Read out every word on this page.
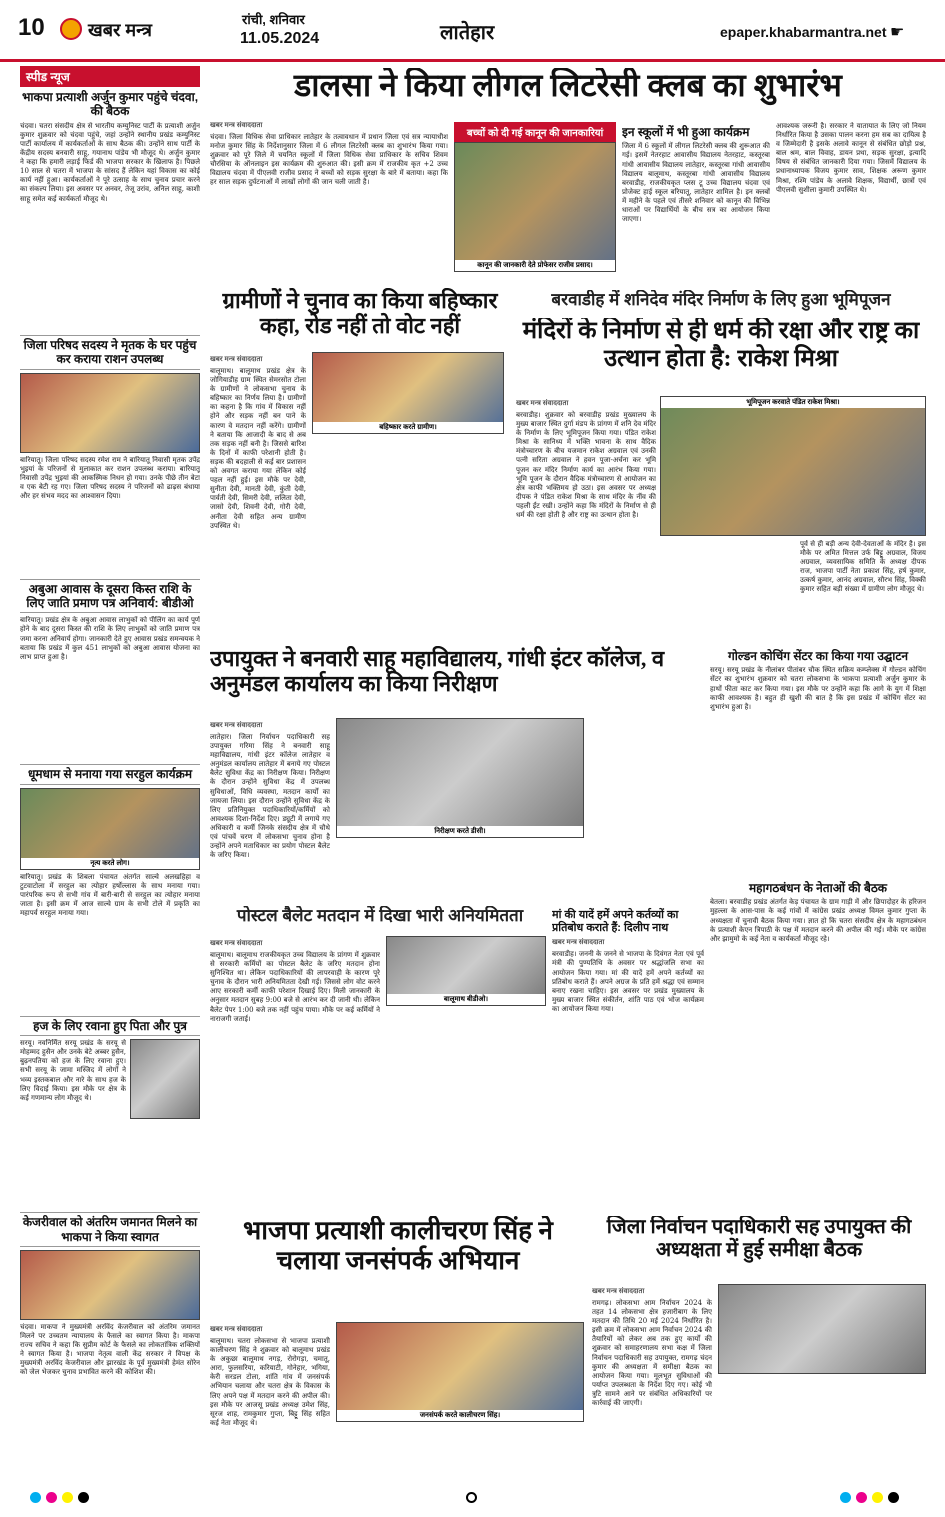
10 खबर मन्त्र
रांची, शनिवार
11.05.2024	लातेहार	epaper.khabarmantra.net ☛
स्पीड न्यूज
भाकपा प्रत्याशी अर्जुन कुमार पहुंचे चंदवा, की बैठक
चंदवा। चतरा संसदीय क्षेत्र से भारतीय कम्युनिस्ट पार्टी के प्रत्याशी अर्जुन कुमार शुक्रवार को चंदवा पहुंचे, जहां उन्होंने स्थानीय प्रखंड कम्युनिस्ट पार्टी कार्यालय में कार्यकर्ताओं के साथ बैठक की। उन्होंने साथ पार्टी के केंद्रीय सदस्य बनवारी साहू, गयानाथ पांडेय भी मौजूद थे। अर्जुन कुमार ने कहा कि हमारी लड़ाई फिर्ड की भाजपा सरकार के खिलाफ है। पिछले 10 साल से चतरा में भाजपा के सांसद हैं लेकिन यहां विकास का कोई कार्य नहीं हुआ। कार्यकर्ताओं ने पूरे उत्साह के साथ चुनाव प्रचार करने का संकल्प लिया। इस अवसर पर अनवर, तेजू उरांव, अनिल साहू, काशी साहू समेत कई कार्यकर्ता मौजूद थे।
जिला परिषद सदस्य ने मृतक के घर पहुंच कर कराया राशन उपलब्ध
बारियातू। जिला परिषद सदस्य रमेश राम ने बारियातू निवासी मृतक उपेंद्र भुइयां के परिजनों से मुलाकात कर राशन उपलब्ध कराया। बारियातू निवासी उपेंद्र भुइयां की आकस्मिक निधन हो गया। उनके पीछे तीन बेटा व एक बेटी रह गए। जिला परिषद सदस्य ने परिजनों को ढाढ़स बंधाया और हर संभव मदद का आश्वासन दिया।
अबुआ आवास के दूसरा किस्त राशि के लिए जाति प्रमाण पत्र अनिवार्य: बीडीओ
बारियातू। प्रखंड क्षेत्र के अबुआ आवास लाभुकों को पीलिंग का कार्य पूर्ण होने के बाद दूसरा किस्त की राशि के लिए लाभुकों को जाति प्रमाण पत्र जमा करना अनिवार्य होगा। जानकारी देते हुए आवास प्रखंड समन्वयक ने बताया कि प्रखंड में कुल 451 लाभुकों को अबुआ आवास योजना का लाभ प्राप्त हुआ है।
धूमधाम से मनाया गया सरहुल कार्यक्रम
नृत्य करते लोग।
बारियातू। प्रखंड के शिबला पंचायत अंतर्गत साल्वे अलखहिहा व टुटवाटोला में सरहुल का त्योहार हर्षोल्लास के साथ मनाया गया। पारंपरिक रूप से सभी गांव में बारी-बारी से सरहुल का त्योहार मनाया जाता है। इसी क्रम में आज साल्वे ग्राम के सभी टोले में प्रकृति का महापर्व सरहुल मनाया गया।
हज के लिए रवाना हुए पिता और पुत्र
सरयू। नवनिर्मित सरयू प्रखंड के सरयू से मोहम्मद हुसैन और उनके बेटे अब्बर हुसैन, बुढ़नपतिया को हज के लिए रवाना हुए। सभी सरयू के जामा मस्जिद में लोगों ने भव्य इस्तकबाल और नारे के साथ हज के लिए विदाई किया। इस मौके पर क्षेत्र के कई गणमान्य लोग मौजूद थे।
केजरीवाल को अंतरिम जमानत मिलने का भाकपा ने किया स्वागत
चंदवा। माकपा ने मुख्यमंत्री अरविंद केजरीवाल को अंतरिम जमानत मिलने पर उच्चतम न्यायालय के फैसले का स्वागत किया है। माकपा राज्य सचिव ने कहा कि सुप्रीम कोर्ट के फैसले का लोकतांत्रिक शक्तियों ने स्वागत किया है। भाजपा नेतृत्व वाली केंद्र सरकार ने विपक्ष के मुख्यमंत्री अरविंद केजरीवाल और झारखंड के पूर्व मुख्यमंत्री हेमंत सोरेन को जेल भेजकर चुनाव प्रभावित करने की कोशिश की।
डालसा ने किया लीगल लिटरेसी क्लब का शुभारंभ
खबर मन्त्र संवाददाता
चंदवा। जिला विधिक सेवा प्राधिकार लातेहार के तत्वावधान में प्रधान जिला एवं सत्र न्यायाधीश मनोज कुमार सिंह के निर्देशानुसार जिला में 6 लीगल लिटरेसी क्लब का शुभारंभ किया गया। शुक्रवार को पूरे जिले में चयनित स्कूलों में जिला विधिक सेवा प्राधिकार के सचिव शिवम चौरसिया के ऑनलाइन इस कार्यक्रम की शुरुआत की। इसी क्रम में राजकीय कृत +2 उच्च विद्यालय चंदवा में पीएलवी राजीव प्रसाद ने बच्चों को सड़क सुरक्षा के बारे में बताया। कहा कि हर साल सड़क दुर्घटनाओं में लाखों लोगों की जान चली जाती है।
बच्चों को दी गई कानून की जानकारियां
कानून की जानकारी देते प्रोफेसर राजीव प्रसाद।
इन स्कूलों में भी हुआ कार्यक्रम
जिला में 6 स्कूलों में लीगल लिटरेसी क्लब की शुरूआत की गई। इसमें नेतरहाट आवासीय विद्यालय नेतरहाट, कस्तूरबा गांधी आवासीय विद्यालय लातेहार, कस्तूरबा गांधी आवासीय विद्यालय बालूमाथ, कस्तूरबा गांधी आवासीय विद्यालय बरवाडीह, राजकीयकृत प्लस टू उच्च विद्यालय चंदवा एवं प्रोजेक्ट हाई स्कूल बरियातू, लातेहार शामिल है। इन क्लबों में महीने के पहले एवं तीसरे शनिवार को कानून की विभिन्न धाराओं पर विद्यार्थियों के बीच सत्र का आयोजन किया जाएगा।
आवश्यक जरूरी है। सरकार ने यातायात के लिए जो नियम निर्धारित किया है उसका पालन करना हम सब का दायित्व है व जिम्मेदारी है इसके अलावे कानून से संबंधित छोड़ो प्रश्न, बाल श्रम, बाल विवाह, डायन प्रथा, सड़क सुरक्षा, इत्यादि विषय से संबंधित जानकारी दिया गया। जिसमें विद्यालय के प्रधानाध्यापक विजय कुमार साव, शिक्षक अरूण कुमार मिश्रा, रश्मि पांडेय के अलावे शिक्षक, विद्यार्थी, छात्रों एवं पीएलवी सुशीला कुमारी उपस्थित थे।
ग्रामीणों ने चुनाव का किया बहिष्कार कहा, रोड नहीं तो वोट नहीं
खबर मन्त्र संवाददाता
बालूमाथ। बालूमाथ प्रखंड क्षेत्र के जोगियाडीह ग्राम स्थित सेमरसोत टोला के ग्रामीणों ने लोकसभा चुनाव के बहिष्कार का निर्णय लिया है। ग्रामीणों का कहना है कि गांव में विकास नहीं होने और सड़क नहीं बन पाने के कारण वे मतदान नहीं करेंगे। ग्रामीणों ने बताया कि आजादी के बाद से अब तक सड़क नहीं बनी है। जिससे बारिश के दिनों में काफी परेशानी होती है। सड़क की बदहाली से कई बार प्रशासन को अवगत कराया गया लेकिन कोई पहल नहीं हुई। इस मौके पर देवी, सुनीता देवी, मानती देवी, कुंती देवी, पार्वती देवी, सिमरी देवी, ललिता देवी, जासो देवी, शिवनी देवी, गोरी देवी, अनीता देवी सहित अन्य ग्रामीण उपस्थित थे।
बहिष्कार करते ग्रामीण।
बरवाडीह में शनिदेव मंदिर निर्माण के लिए हुआ भूमिपूजन
मंदिरों के निर्माण से ही धर्म की रक्षा और राष्ट्र का उत्थान होता है: राकेश मिश्रा
खबर मन्त्र संवाददाता
बरवाडीह। शुक्रवार को बरवाडीह प्रखंड मुख्यालय के मुख्य बाजार स्थित दुर्गा मंडप के प्रांगण में शनि देव मंदिर के निर्माण के लिए भूमिपूजन किया गया। पंडित राकेश मिश्रा के सानिध्य में भक्ति भावना के साथ वैदिक मंत्रोच्चारण के बीच यजमान राकेश अग्रवाल एवं उनकी पत्नी सरिता अग्रवाल ने हवन पूजा-अर्चना कर भूमि पूजन कर मंदिर निर्माण कार्य का आरंभ किया गया। भूमि पूजन के दौरान वैदिक मंत्रोच्चारण से आयोजन का क्षेत्र काफी भक्तिमय हो उठा। इस अवसर पर अध्यक्ष दीपक ने पंडित राकेश मिश्रा के साथ मंदिर के नींव की पहली ईंट रखी। उन्होंने कहा कि मंदिरों के निर्माण से ही धर्म की रक्षा होती है और राष्ट्र का उत्थान होता है।
भूमिपूजन करवाते पंडित राकेश मिश्रा।
पूर्व से ही बड़ी अन्य देवी-देवताओं के मंदिर है। इस मौके पर अमित मित्तल उर्फ बिट्टू अग्रवाल, विजय अग्रवाल, व्यवसायिक समिति के अध्यक्ष दीपक राज, भाजपा पार्टी नेता प्रकाश सिंह, हर्ष कुमार, उत्कर्ष कुमार, आनंद अग्रवाल, सौरभ सिंह, विक्की कुमार सहित बड़ी संख्या में ग्रामीण लोग मौजूद थे।
उपायुक्त ने बनवारी साहू महाविद्यालय, गांधी इंटर कॉलेज, व अनुमंडल कार्यालय का किया निरीक्षण
खबर मन्त्र संवाददाता
लातेहार। जिला निर्वाचन पदाधिकारी सह उपायुक्त गरिमा सिंह ने बनवारी साहू महाविद्यालय, गांधी इंटर कॉलेज लातेहार व अनुमंडल कार्यालय लातेहार में बनाये गए पोस्टल बैलेट सुविधा केंद्र का निरीक्षण किया। निरीक्षण के दौरान उन्होंने सुविधा केंद्र में उपलब्ध सुविधाओं, विधि व्यवस्था, मतदान कार्यों का जायजा लिया। इस दौरान उन्होंने सुविधा केंद्र के लिए प्रतिनियुक्त पदाधिकारियों/कर्मियों को आवश्यक दिशा-निर्देश दिए। ड्यूटी में लगाये गए अधिकारी व कर्मी जिनके संसदीय क्षेत्र में चौथे एवं पांचवें चरण में लोकसभा चुनाव होना है उन्होंने अपने मताधिकार का प्रयोग पोस्टल बैलेट के जरिए किया।
निरीक्षण करते डीसी।
गोल्डन कोचिंग सेंटर का किया गया उद्घाटन
सरयू। सरयू प्रखंड के नीलांबर पीतांबर चौक स्थित सक्रिय कम्प्लेक्स में गोल्डन कोचिंग सेंटर का शुभारंभ शुक्रवार को चतरा लोकसभा के भाकपा प्रत्याशी अर्जुन कुमार के हाथों फीता काट कर किया गया। इस मौके पर उन्होंने कहा कि आगे के युग में शिक्षा काफी आवश्यक है। बहुत ही खुशी की बात है कि इस प्रखंड में कोचिंग सेंटर का शुभारंभ हुआ है।
महागठबंधन के नेताओं की बैठक
बेतला। बरवाडीह प्रखंड अंतर्गत केड़ पंचायत के ग्राम गाड़ी में और छिपादोहर के हरिजन मुहल्ला के आस-पास के कई गांवों में कांग्रेस प्रखंड अध्यक्ष विमल कुमार गुप्ता के अध्यक्षता में चुनावी बैठक किया गया। ज्ञात हो कि चतरा संसदीय क्षेत्र के महागठबंधन के प्रत्याशी केएन त्रिपाठी के पक्ष में मतदान करने की अपील की गई। मौके पर कांग्रेस और झामुमो के कई नेता व कार्यकर्ता मौजूद रहे।
पोस्टल बैलेट मतदान में दिखा भारी अनियमितता
खबर मन्त्र संवाददाता
बालूमाथ। बालूमाथ राजकीयकृत उच्च विद्यालय के प्रांगण में शुक्रवार से सरकारी कर्मियों का पोस्टल बैलेट के जरिए मतदान होना सुनिश्चित था। लेकिन पदाधिकारियों की लापरवाही के कारण पूरे चुनाव के दौरान भारी अनियमितता देखी गई। जिससे लोग वोट करने आए सरकारी कर्मी काफी परेशान दिखाई दिए। मिली जानकारी के अनुसार मतदान सुबह 9:00 बजे से आरंभ कर दी जानी थी। लेकिन बैलेट पेपर 1:00 बजे तक नहीं पहुंच पाया। मौके पर कई कर्मियों ने नाराजगी जताई।
बालूमाथ बीडीओ।
मां की यादें हमें अपने कर्तव्यों का प्रतिबोध कराते हैं: दिलीप नाथ
खबर मन्त्र संवाददाता
बरवाडीह। जननी के जनने से भाजपा के दिवंगत नेता एवं पूर्व मंत्री की पुण्यतिथि के अवसर पर श्रद्धांजलि सभा का आयोजन किया गया। मां की यादें हमें अपने कर्तव्यों का प्रतिबोध कराते हैं। अपने अग्रज के प्रति हमें श्रद्धा एवं सम्मान बनाए रखना चाहिए। इस अवसर पर प्रखंड मुख्यालय के मुख्य बाजार स्थित संकीर्तन, शांति पाठ एवं भोज कार्यक्रम का आयोजन किया गया।
भाजपा प्रत्याशी कालीचरण सिंह ने चलाया जनसंपर्क अभियान
खबर मन्त्र संवाददाता
बालूमाथ। चतरा लोकसभा से भाजपा प्रत्याशी कालीचरण सिंह ने शुक्रवार को बालूमाथ प्रखंड के अकुछा बालूमाथ नगड़, रोरोगड़ा, चमातू, आरा, फुलसरिया, करियाटी, गोनेहार, भगिया, केरी सरडल टोला, शांति गांव में जनसंपर्क अभियान चलाया और चतरा क्षेत्र के विकास के लिए अपने पक्ष में मतदान करने की अपील की। इस मौके पर आजसू प्रखंड अध्यक्ष उमेश सिंह, सूरज शाह, रामकुमार गुप्ता, बिट्टू सिंह सहित कई नेता मौजूद थे।
जनसंपर्क करते कालीचरण सिंह।
जिला निर्वाचन पदाधिकारी सह उपायुक्त की अध्यक्षता में हुई समीक्षा बैठक
खबर मन्त्र संवाददाता
रामगढ़। लोकसभा आम निर्वाचन 2024 के तहत 14 लोकसभा क्षेत्र हजारीबाग के लिए मतदान की तिथि 20 मई 2024 निर्धारित है। इसी क्रम में लोकसभा आम निर्वाचन 2024 की तैयारियों को लेकर अब तक हुए कार्यों की शुक्रवार को समाहरणालय सभा कक्ष में जिला निर्वाचन पदाधिकारी सह उपायुक्त, रामगढ़ चंदन कुमार की अध्यक्षता में समीक्षा बैठक का आयोजन किया गया। मूलभूत सुविधाओं की पर्याप्त उपलब्धता के निर्देश दिए गए। कोई भी त्रुटि सामने आने पर संबंधित अधिकारियों पर कार्रवाई की जाएगी।
